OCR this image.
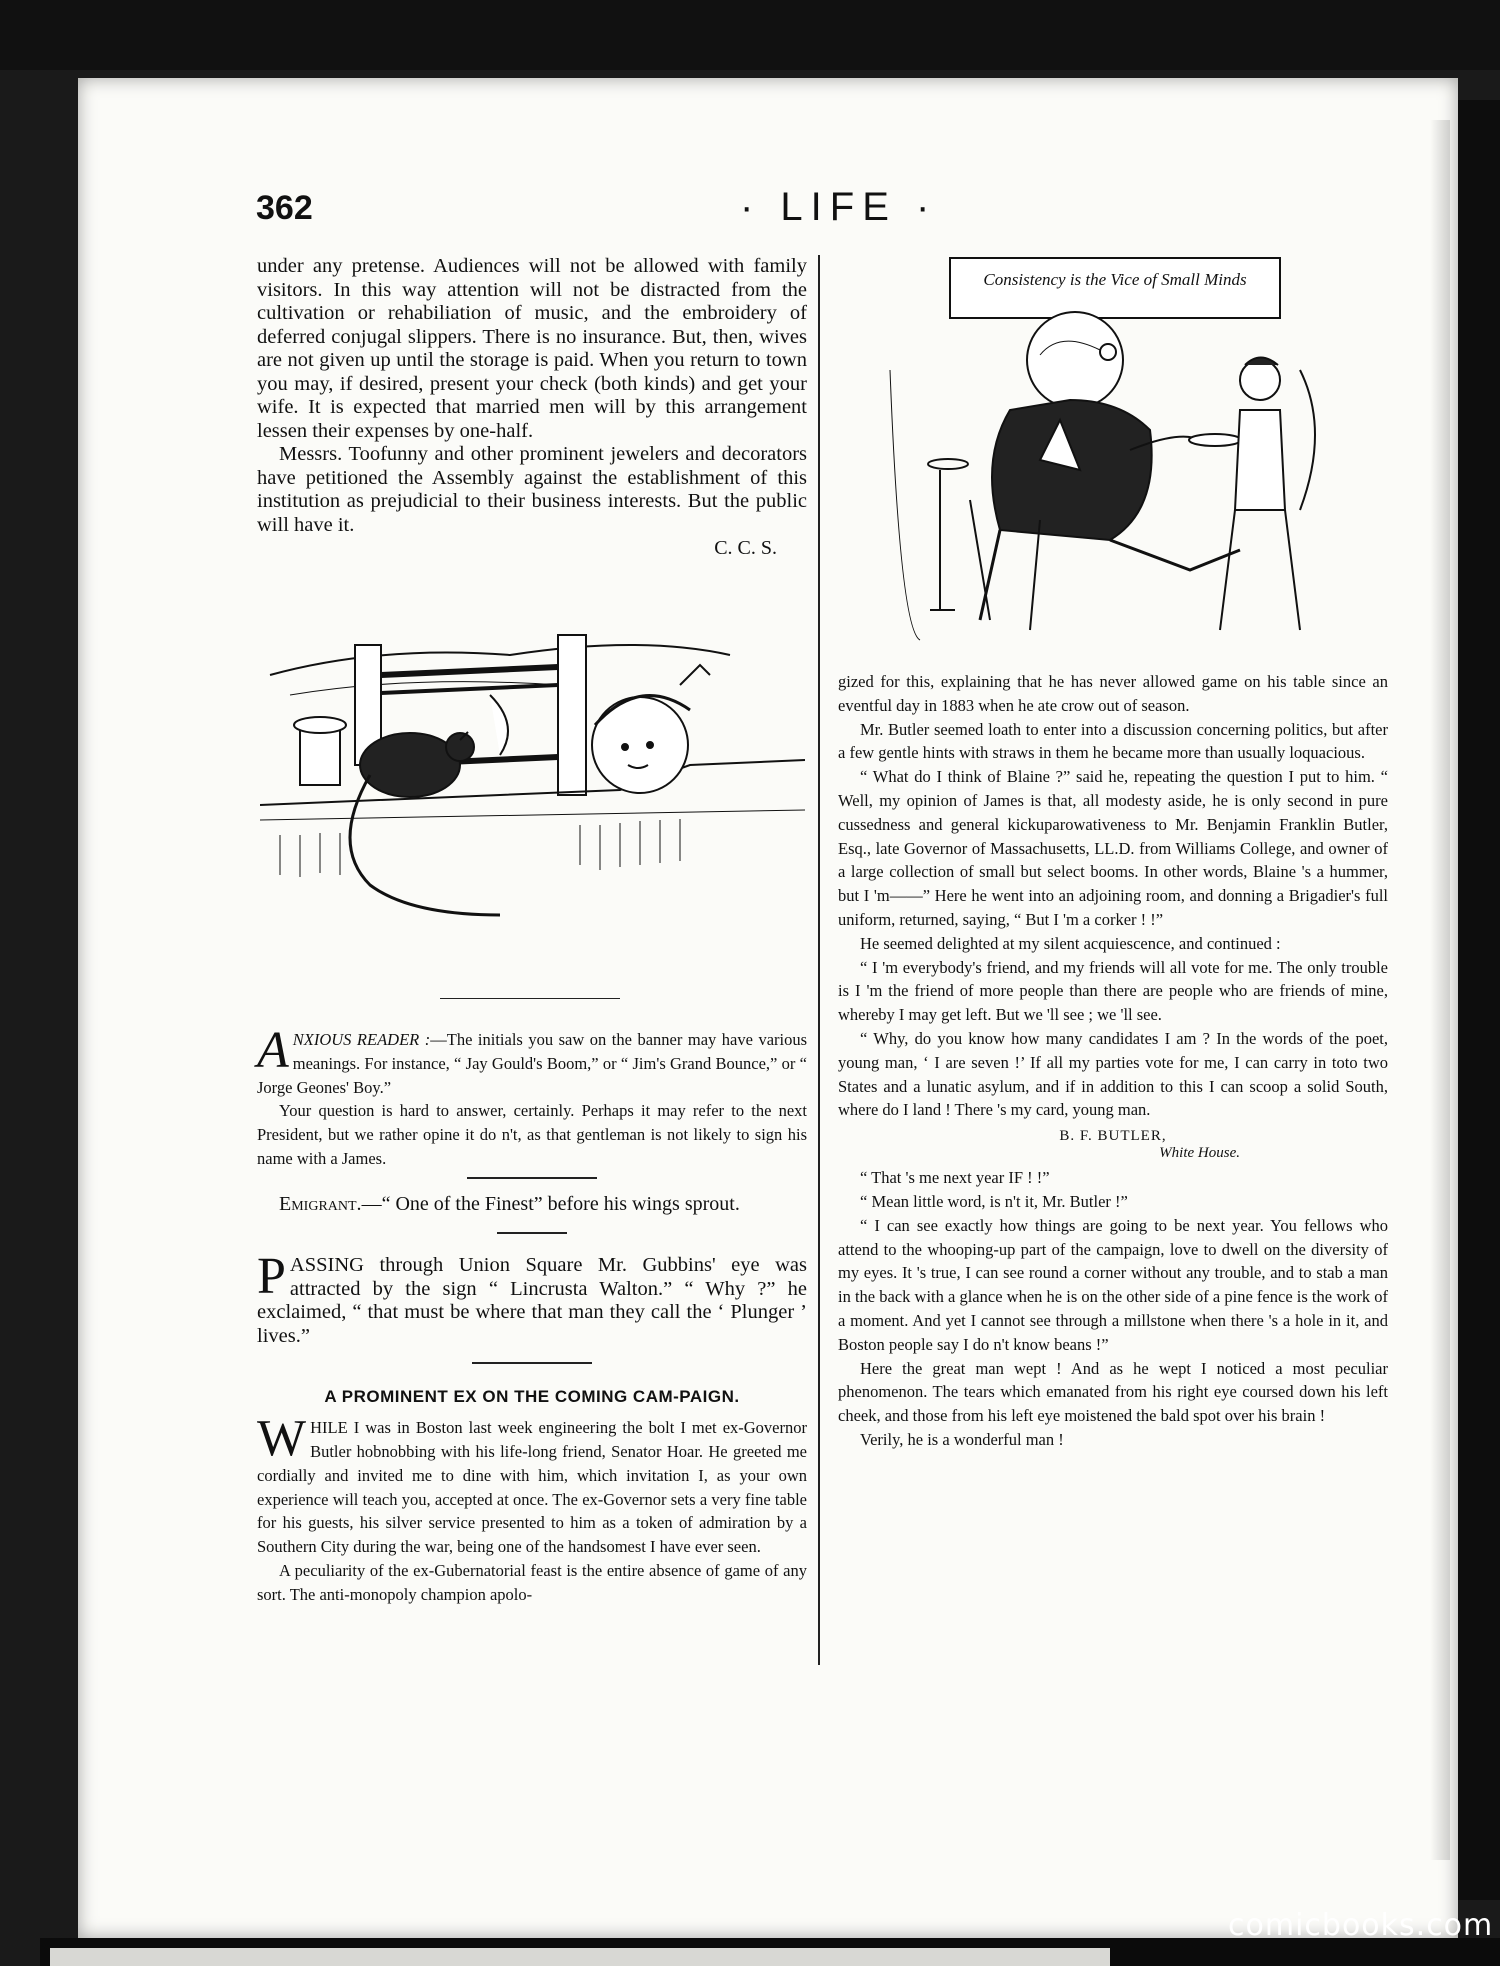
362	· LIFE ·

under any pretense. Audiences will not be allowed with family visitors. In this way attention will not be distracted from the cultivation or rehabiliation of music, and the embroidery of deferred conjugal slippers. There is no insurance. But, then, wives are not given up until the storage is paid. When you return to town you may, if desired, present your check (both kinds) and get your wife. It is expected that married men will by this arrangement lessen their expenses by one-half.

Messrs. Toofunny and other prominent jewelers and decorators have petitioned the Assembly against the establishment of this institution as prejudicial to their business interests. But the public will have it.

C. C. S.

ANXIOUS READER :—The initials you saw on the banner may have various meanings. For instance, “ Jay Gould's Boom,” or “ Jim's Grand Bounce,” or “ Jorge Geones' Boy.”

Your question is hard to answer, certainly. Perhaps it may refer to the next President, but we rather opine it do n't, as that gentleman is not likely to sign his name with a James.

Emigrant.—“ One of the Finest” before his wings sprout.

PASSING through Union Square Mr. Gubbins' eye was attracted by the sign “ Lincrusta Walton.” “ Why ?” he exclaimed, “ that must be where that man they call the ‘ Plunger ’ lives.”

A PROMINENT EX ON THE COMING CAM-PAIGN.

WHILE I was in Boston last week engineering the bolt I met ex-Governor Butler hobnobbing with his life-long friend, Senator Hoar. He greeted me cordially and invited me to dine with him, which invitation I, as your own experience will teach you, accepted at once. The ex-Governor sets a very fine table for his guests, his silver service presented to him as a token of admiration by a Southern City during the war, being one of the handsomest I have ever seen.

A peculiarity of the ex-Gubernatorial feast is the entire absence of game of any sort. The anti-monopoly champion apolo-

Consistency is the Vice of Small Minds

gized for this, explaining that he has never allowed game on his table since an eventful day in 1883 when he ate crow out of season.

Mr. Butler seemed loath to enter into a discussion concerning politics, but after a few gentle hints with straws in them he became more than usually loquacious.

“ What do I think of Blaine ?” said he, repeating the question I put to him. “ Well, my opinion of James is that, all modesty aside, he is only second in pure cussedness and general kickuparowativeness to Mr. Benjamin Franklin Butler, Esq., late Governor of Massachusetts, LL.D. from Williams College, and owner of a large collection of small but select booms. In other words, Blaine 's a hummer, but I 'm——” Here he went into an adjoining room, and donning a Brigadier's full uniform, returned, saying, “ But I 'm a corker ! !”

He seemed delighted at my silent acquiescence, and continued :

“ I 'm everybody's friend, and my friends will all vote for me. The only trouble is I 'm the friend of more people than there are people who are friends of mine, whereby I may get left. But we 'll see ; we 'll see.

“ Why, do you know how many candidates I am ? In the words of the poet, young man, ‘ I are seven !’ If all my parties vote for me, I can carry in toto two States and a lunatic asylum, and if in addition to this I can scoop a solid South, where do I land ! There 's my card, young man.

B. F. BUTLER,

White House.

“ That 's me next year IF ! !”

“ Mean little word, is n't it, Mr. Butler !”

“ I can see exactly how things are going to be next year. You fellows who attend to the whooping-up part of the campaign, love to dwell on the diversity of my eyes. It 's true, I can see round a corner without any trouble, and to stab a man in the back with a glance when he is on the other side of a pine fence is the work of a moment. And yet I cannot see through a millstone when there 's a hole in it, and Boston people say I do n't know beans !”

Here the great man wept ! And as he wept I noticed a most peculiar phenomenon. The tears which emanated from his right eye coursed down his left cheek, and those from his left eye moistened the bald spot over his brain !

Verily, he is a wonderful man !

comicbooks.com
